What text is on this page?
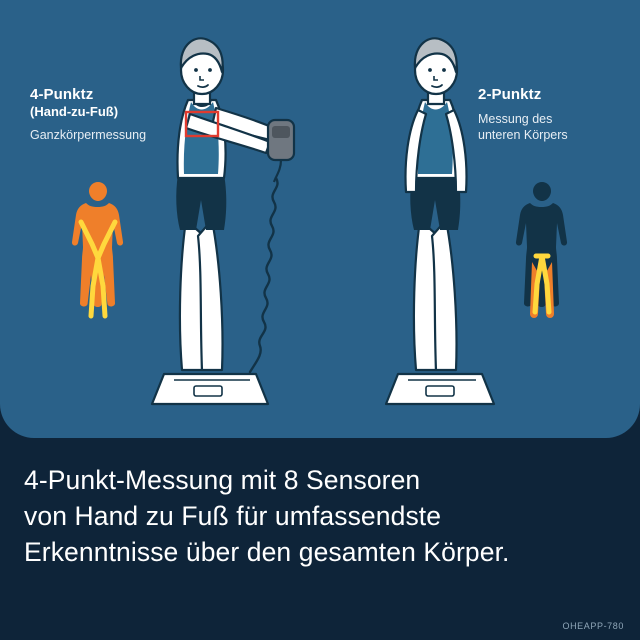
4-Punktz
(Hand-zu-Fuß)
Ganzkörpermessung
2-Punktz
Messung des
unteren Körpers
4-Punkt-Messung mit 8 Sensoren
von Hand zu Fuß für umfassendste
Erkenntnisse über den gesamten Körper.
OHEAPP-780
